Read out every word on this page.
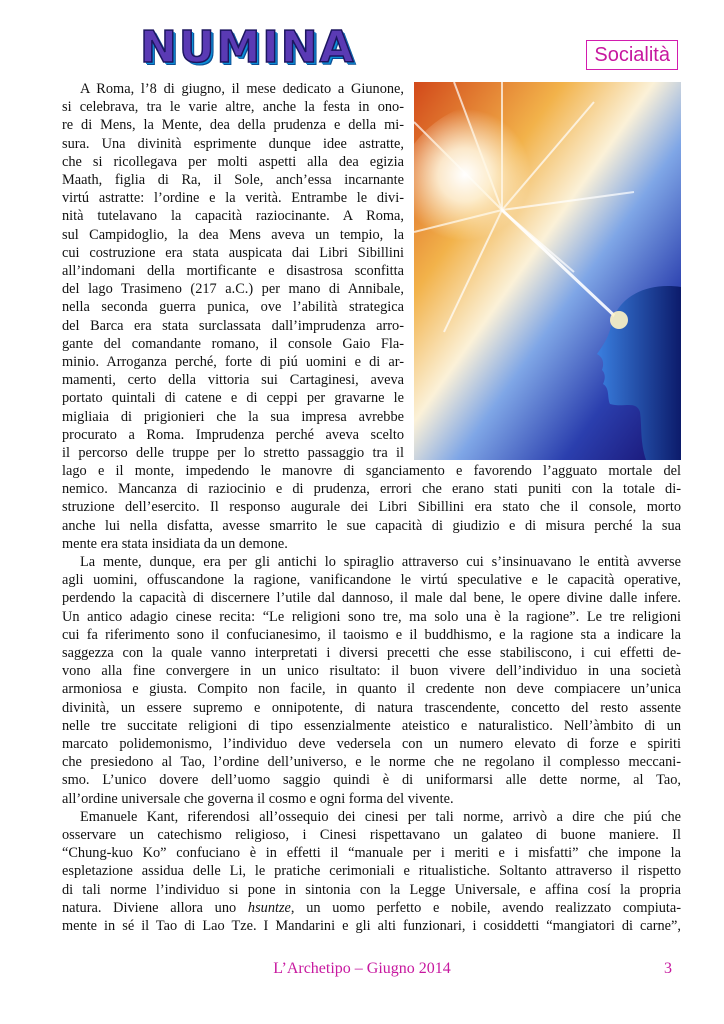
NUMINA	Socialità
A Roma, l’8 di giugno, il mese dedicato a Giunone,
si celebrava, tra le varie altre, anche la festa in ono-
re di Mens, la Mente, dea della prudenza e della mi-
sura. Una divinità esprimente dunque idee astratte,
che si ricollegava per molti aspetti alla dea egizia
Maath, figlia di Ra, il Sole, anch’essa incarnante
virtú astratte: l’ordine e la verità. Entrambe le divi-
nità tutelavano la capacità raziocinante. A Roma,
sul Campidoglio, la dea Mens aveva un tempio, la
cui costruzione era stata auspicata dai Libri Sibillini
all’indomani della mortificante e disastrosa sconfitta
del lago Trasimeno (217 a.C.) per mano di Annibale,
nella seconda guerra punica, ove l’abilità strategica
del Barca era stata surclassata dall’imprudenza arro-
gante del comandante romano, il console Gaio Fla-
minio. Arroganza perché, forte di piú uomini e di ar-
mamenti, certo della vittoria sui Cartaginesi, aveva
portato quintali di catene e di ceppi per gravarne le
migliaia di prigionieri che la sua impresa avrebbe
procurato a Roma. Imprudenza perché aveva scelto
il percorso delle truppe per lo stretto passaggio tra il
lago e il monte, impedendo le manovre di sganciamento e favorendo l’agguato mortale del
nemico. Mancanza di raziocinio e di prudenza, errori che erano stati puniti con la totale di-
struzione dell’esercito. Il responso augurale dei Libri Sibillini era stato che il console, morto
anche lui nella disfatta, avesse smarrito le sue capacità di giudizio e di misura perché la sua
mente era stata insidiata da un demone.
La mente, dunque, era per gli antichi lo spiraglio attraverso cui s’insinuavano le entità avverse
agli uomini, offuscandone la ragione, vanificandone le virtú speculative e le capacità operative,
perdendo la capacità di discernere l’utile dal dannoso, il male dal bene, le opere divine dalle infere.
Un antico adagio cinese recita: “Le religioni sono tre, ma solo una è la ragione”. Le tre religioni
cui fa riferimento sono il confucianesimo, il taoismo e il buddhismo, e la ragione sta a indicare la
saggezza con la quale vanno interpretati i diversi precetti che esse stabiliscono, i cui effetti de-
vono alla fine convergere in un unico risultato: il buon vivere dell’individuo in una società
armoniosa e giusta. Compito non facile, in quanto il credente non deve compiacere un’unica
divinità, un essere supremo e onnipotente, di natura trascendente, concetto del resto assente
nelle tre succitate religioni di tipo essenzialmente ateistico e naturalistico. Nell’àmbito di un
marcato polidemonismo, l’individuo deve vedersela con un numero elevato di forze e spiriti
che presiedono al Tao, l’ordine dell’universo, e le norme che ne regolano il complesso meccani-
smo. L’unico dovere dell’uomo saggio quindi è di uniformarsi alle dette norme, al Tao,
all’ordine universale che governa il cosmo e ogni forma del vivente.
Emanuele Kant, riferendosi all’ossequio dei cinesi per tali norme, arrivò a dire che piú che
osservare un catechismo religioso, i Cinesi rispettavano un galateo di buone maniere. Il
“Chung-kuo Ko” confuciano è in effetti il “manuale per i meriti e i misfatti” che impone la
espletazione assidua delle Li, le pratiche cerimoniali e ritualistiche. Soltanto attraverso il rispetto
di tali norme l’individuo si pone in sintonia con la Legge Universale, e affina cosí la propria
natura. Diviene allora uno hsuntze, un uomo perfetto e nobile, avendo realizzato compiuta-
mente in sé il Tao di Lao Tze. I Mandarini e gli alti funzionari, i cosiddetti “mangiatori di carne”,
L’Archetipo – Giugno 2014	3
